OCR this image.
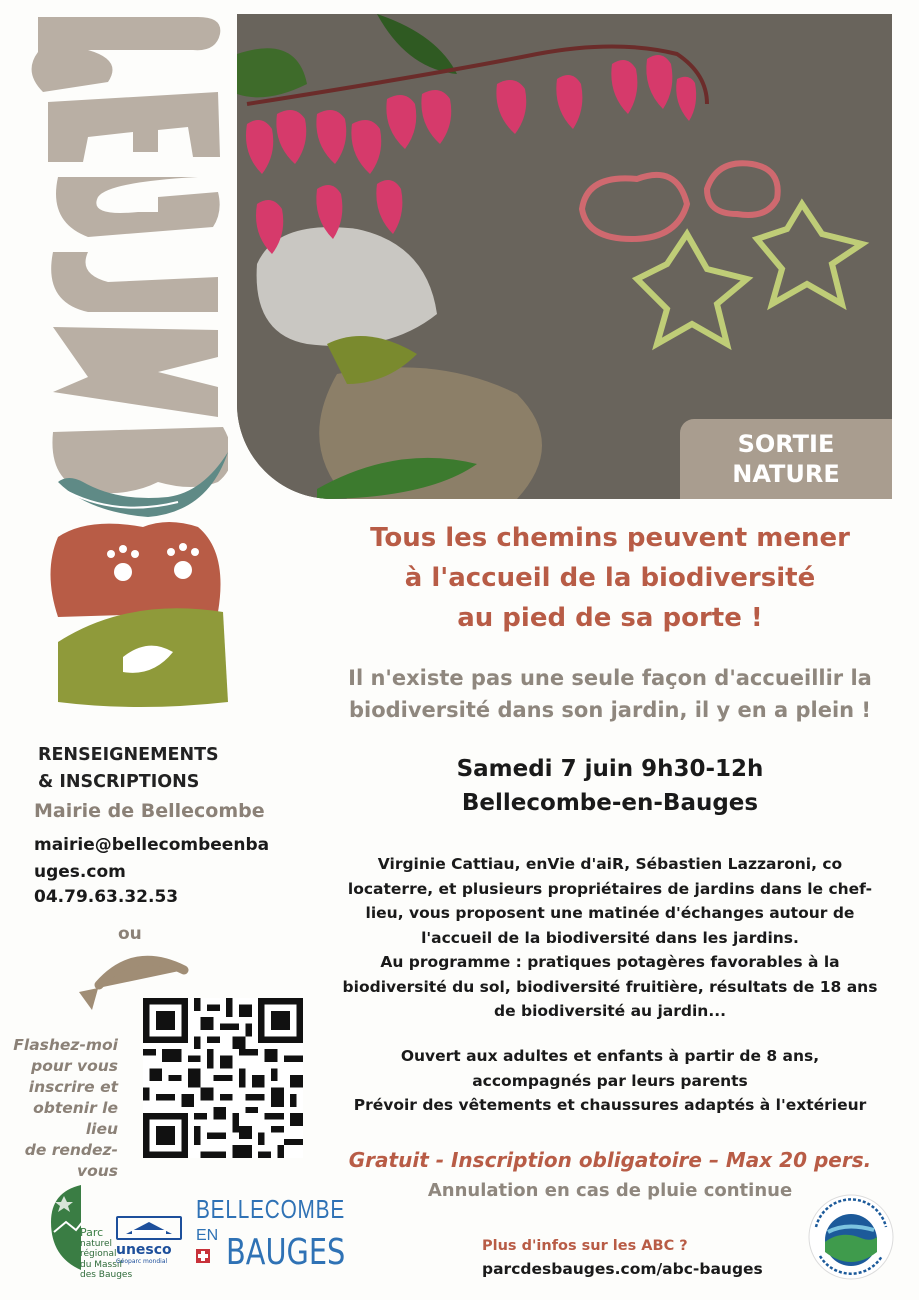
SORTIE
NATURE
RENSEIGNEMENTS
& INSCRIPTIONS
Mairie de Bellecombe
mairie@bellecombeenba
uges.com
04.79.63.32.53
ou
Flashez-moi
pour vous
inscrire et
obtenir le lieu
de rendez-vous
Tous les chemins peuvent mener
à l'accueil de la biodiversité
au pied de sa porte !
Il n'existe pas une seule façon d'accueillir la
biodiversité dans son jardin, il y en a plein !
Samedi 7 juin 9h30-12h
Bellecombe-en-Bauges
Virginie Cattiau, enVie d'aiR, Sébastien Lazzaroni, co
locaterre, et plusieurs propriétaires de jardins dans le chef-
lieu, vous proposent une matinée d'échanges autour de
l'accueil de la biodiversité dans les jardins.
Au programme : pratiques potagères favorables à la
biodiversité du sol, biodiversité fruitière, résultats de 18 ans
de biodiversité au jardin...
Ouvert aux adultes et enfants à partir de 8 ans,
accompagnés par leurs parents
Prévoir des vêtements et chaussures adaptés à l'extérieur
Gratuit - Inscription obligatoire – Max 20 pers.
Annulation en cas de pluie continue
Plus d'infos sur les ABC ?
parcdesbauges.com/abc-bauges
Parc
naturel
régional
du Massif
des Bauges
unesco
Géoparc mondial
BELLECOMBE
EN BAUGES
